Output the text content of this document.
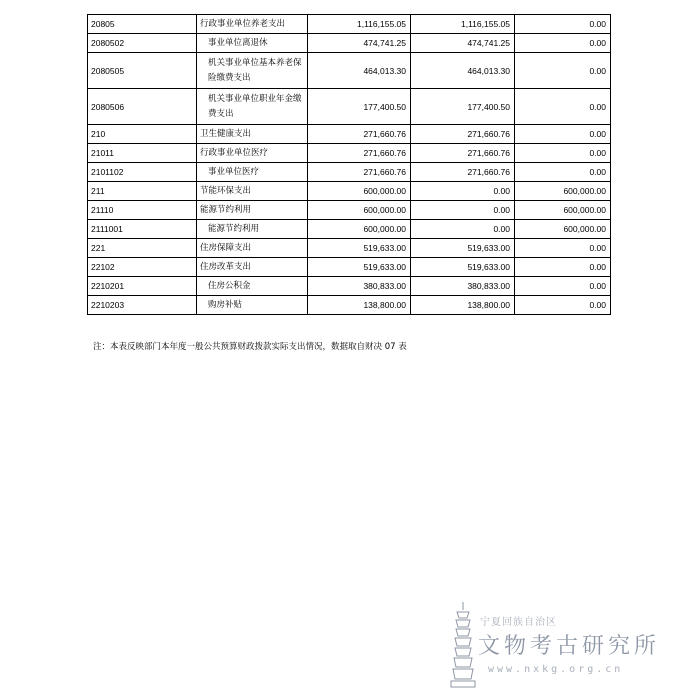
20805	行政事业单位养老支出	1,116,155.05	1,116,155.05	0.00
2080502	事业单位离退休	474,741.25	474,741.25	0.00
2080505	机关事业单位基本养老保险缴费支出	464,013.30	464,013.30	0.00
2080506	机关事业单位职业年金缴费支出	177,400.50	177,400.50	0.00
210	卫生健康支出	271,660.76	271,660.76	0.00
21011	行政事业单位医疗	271,660.76	271,660.76	0.00
2101102	事业单位医疗	271,660.76	271,660.76	0.00
211	节能环保支出	600,000.00	0.00	600,000.00
21110	能源节约利用	600,000.00	0.00	600,000.00
2111001	能源节约利用	600,000.00	0.00	600,000.00
221	住房保障支出	519,633.00	519,633.00	0.00
22102	住房改革支出	519,633.00	519,633.00	0.00
2210201	住房公积金	380,833.00	380,833.00	0.00
2210203	购房补贴	138,800.00	138,800.00	0.00
注：本表反映部门本年度一般公共预算财政拨款实际支出情况，数据取自财决 07 表
宁夏回族自治区
文物考古研究所
www.nxkg.org.cn
